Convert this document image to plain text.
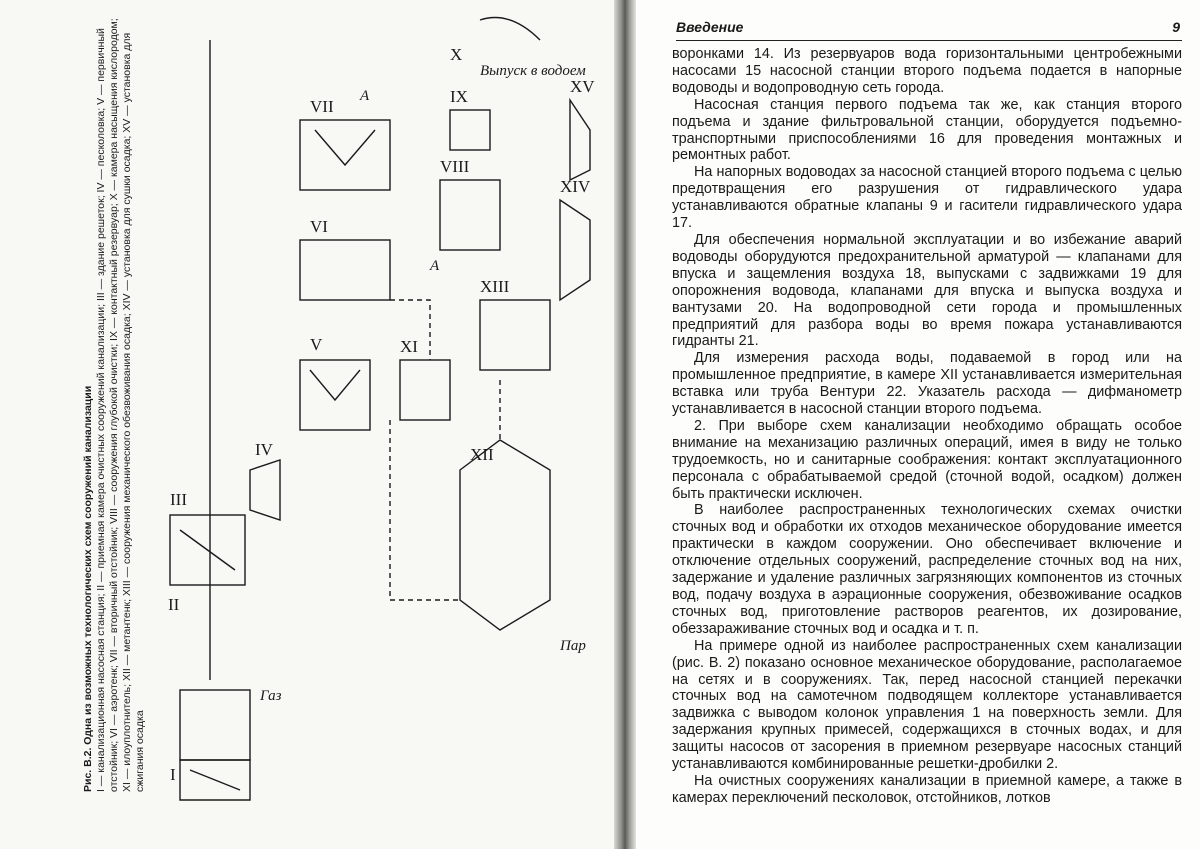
I
II
III
IV
V
VI
VII
VIII
IX
X
XI
XII
XIII
XIV
XV
Выпуск в водоем
Газ
Пар
А
А
Рис. В.2. Одна из возможных технологических схем сооружений канализации
I — канализационная насосная станция; II — приемная камера очистных сооружений канализации; III — здание решеток; IV — песколовка; V — первичный отстойник; VI — аэротенк; VII — вторичный отстойник; VIII — сооружения глубокой очистки; IX — контактный резервуар; X — камера насыщения кислородом; XI — илоуплотнитель; XII — метантенк; XIII — сооружения механического обезвоживания осадка; XIV — установка для сушки осадка; XV — установка для сжигания осадка
Введение	9

воронками 14. Из резервуаров вода горизонтальными центробежными насосами 15 насосной станции второго подъема подается в напорные водоводы и водопроводную сеть города.

Насосная станция первого подъема так же, как станция второго подъема и здание фильтровальной станции, оборудуется подъемно-транспортными приспособлениями 16 для проведения монтажных и ремонтных работ.

На напорных водоводах за насосной станцией второго подъема с целью предотвращения его разрушения от гидравлического удара устанавливаются обратные клапаны 9 и гасители гидравлического удара 17.

Для обеспечения нормальной эксплуатации и во избежание аварий водоводы оборудуются предохранительной арматурой — клапанами для впуска и защемления воздуха 18, выпусками с задвижками 19 для опорожнения водовода, клапанами для впуска и выпуска воздуха и вантузами 20. На водопроводной сети города и промышленных предприятий для разбора воды во время пожара устанавливаются гидранты 21.

Для измерения расхода воды, подаваемой в город или на промышленное предприятие, в камере XII устанавливается измерительная вставка или труба Вентури 22. Указатель расхода — дифманометр устанавливается в насосной станции второго подъема.

2. При выборе схем канализации необходимо обращать особое внимание на механизацию различных операций, имея в виду не только трудоемкость, но и санитарные соображения: контакт эксплуатационного персонала с обрабатываемой средой (сточной водой, осадком) должен быть практически исключен.

В наиболее распространенных технологических схемах очистки сточных вод и обработки их отходов механическое оборудование имеется практически в каждом сооружении. Оно обеспечивает включение и отключение отдельных сооружений, распределение сточных вод на них, задержание и удаление различных загрязняющих компонентов из сточных вод, подачу воздуха в аэрационные сооружения, обезвоживание осадков сточных вод, приготовление растворов реагентов, их дозирование, обеззараживание сточных вод и осадка и т. п.

На примере одной из наиболее распространенных схем канализации (рис. В. 2) показано основное механическое оборудование, располагаемое на сетях и в сооружениях. Так, перед насосной станцией перекачки сточных вод на самотечном подводящем коллекторе устанавливается задвижка с выводом колонок управления 1 на поверхность земли. Для задержания крупных примесей, содержащихся в сточных водах, и для защиты насосов от засорения в приемном резервуаре насосных станций устанавливаются комбинированные решетки-дробилки 2.

На очистных сооружениях канализации в приемной камере, а также в камерах переключений песколовок, отстойников, лотков
